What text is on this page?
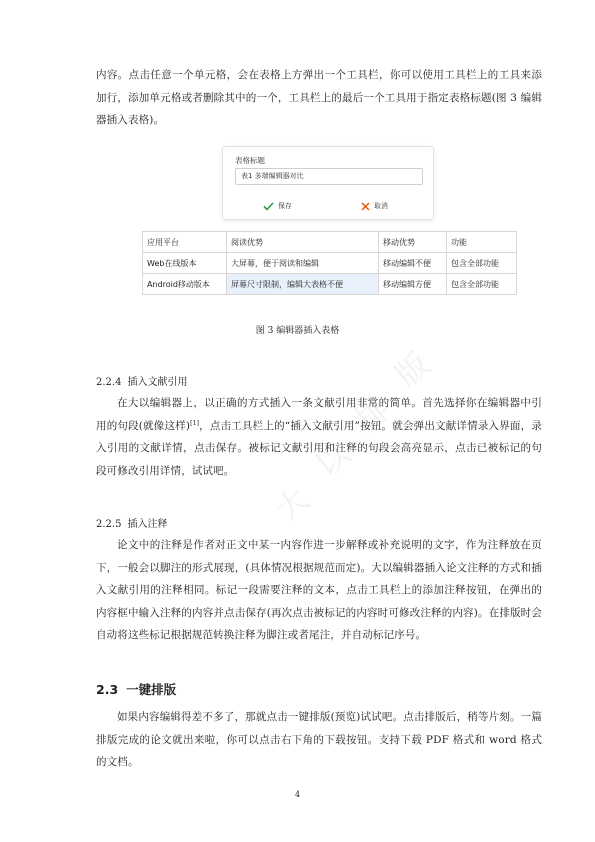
大
以
排
版

内容。点击任意一个单元格，会在表格上方弹出一个工具栏，你可以使用工具栏上的工具来添加行，添加单元格或者删除其中的一个，工具栏上的最后一个工具用于指定表格标题(图 3 编辑器插入表格)。

表格标题
表1 多端编辑器对比
保存	取消
应用平台	阅读优势	移动优势	功能
Web在线版本	大屏幕，便于阅读和编辑	移动编辑不便	包含全部功能
Android移动版本	屏幕尺寸限制，编辑大表格不便	移动编辑方便	包含全部功能
图 3 编辑器插入表格
2.2.4 插入文献引用

在大以编辑器上，以正确的方式插入一条文献引用非常的简单。首先选择你在编辑器中引用的句段(就像这样)[1]，点击工具栏上的“插入文献引用”按钮。就会弹出文献详情录入界面，录入引用的文献详情，点击保存。被标记文献引用和注释的句段会高亮显示，点击已被标记的句段可修改引用详情，试试吧。

2.2.5 插入注释

论文中的注释是作者对正文中某一内容作进一步解释或补充说明的文字，作为注释放在页下，一般会以脚注的形式展现，(具体情况根据规范而定)。大以编辑器插入论文注释的方式和插入文献引用的注释相同。标记一段需要注释的文本，点击工具栏上的添加注释按钮，在弹出的内容框中输入注释的内容并点击保存(再次点击被标记的内容时可修改注释的内容)。在排版时会自动将这些标记根据规范转换注释为脚注或者尾注，并自动标记序号。

2.3 一键排版

如果内容编辑得差不多了，那就点击一键排版(预览)试试吧。点击排版后，稍等片刻。一篇排版完成的论文就出来啦，你可以点击右下角的下载按钮。支持下载 PDF 格式和 word 格式的文档。

4
